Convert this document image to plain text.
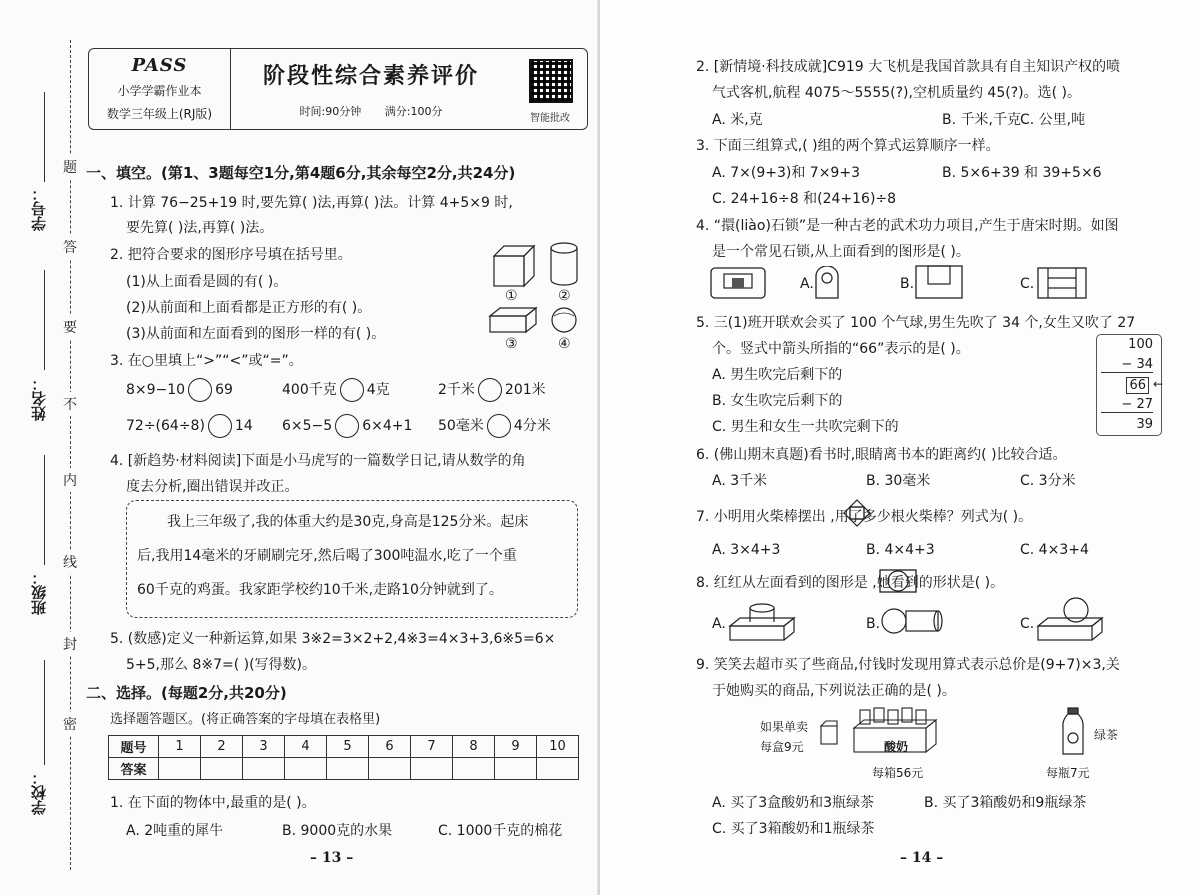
题
答
要
不
内
线
封
密
学号：
姓名：
班级：
学校：
PASS
小学学霸作业本
数学三年级上(RJ版)
阶段性综合素养评价
时间:90分钟 满分:100分
智能批改
一、填空。(第1、3题每空1分,第4题6分,其余每空2分,共24分)
1. 计算 76−25+19 时,要先算( )法,再算( )法。计算 4+5×9 时,
要先算( )法,再算( )法。
2. 把符合要求的图形序号填在括号里。
(1)从上面看是圆的有( )。
(2)从前面和上面看都是正方形的有( )。
(3)从前面和左面看到的图形一样的有( )。
①	②
③	④
3. 在○里填上“>”“<”或“=”。
8×9−10 69	400千克 4克	2千米 201米
72÷(64÷8) 14 6×5−5 6×4+1 50毫米 4分米
4. [新趋势·材料阅读]下面是小马虎写的一篇数学日记,请从数学的角
度去分析,圈出错误并改正。
我上三年级了,我的体重大约是30克,身高是125分米。起床
后,我用14毫米的牙刷刷完牙,然后喝了300吨温水,吃了一个重
60千克的鸡蛋。我家距学校约10千米,走路10分钟就到了。
5. (数感)定义一种新运算,如果 3※2=3×2+2,4※3=4×3+3,6※5=6×
5+5,那么 8※7=( )(写得数)。
二、选择。(每题2分,共20分)
选择题答题区。(将正确答案的字母填在表格里)
题号	1	2	3	4	5	6	7	8	9	10
答案										
1. 在下面的物体中,最重的是( )。
A. 2吨重的犀牛	B. 9000克的水果	C. 1000千克的棉花
– 13 –
2. [新情境·科技成就]C919 大飞机是我国首款具有自主知识产权的喷
气式客机,航程 4075～5555(?),空机质量约 45(?)。选( )。
A. 米,克	B. 千米,千克 C. 公里,吨
3. 下面三组算式,( )组的两个算式运算顺序一样。
A. 7×(9+3)和 7×9+3	B. 5×6+39 和 39+5×6
C. 24+16÷8 和(24+16)÷8
4. “擐(liào)石锁”是一种古老的武术功力项目,产生于唐宋时期。如图
是一个常见石锁,从上面看到的图形是( )。
A.	B.	C.
5. 三(1)班开联欢会买了 100 个气球,男生先吹了 34 个,女生又吹了 27
个。竖式中箭头所指的“66”表示的是( )。
A. 男生吹完后剩下的
B. 女生吹完后剩下的
C. 男生和女生一共吹完剩下的
6. (佛山期末真题)看书时,眼睛离书本的距离约( )比较合适。
A. 3千米	B. 30毫米	C. 3分米
7. 小明用火柴棒摆出 ,用了多少根火柴棒？列式为( )。
A. 3×4+3	B. 4×4+3	C. 4×3+4
8. 红红从左面看到的图形是 ,她看到的形状是( )。
A.	B.	C.
9. 笑笑去超市买了些商品,付钱时发现用算式表示总价是(9+7)×3,关
于她购买的商品,下列说法正确的是( )。
如果单卖
每盒9元	酸奶
每箱56元
绿茶
每瓶7元
A. 买了3盒酸奶和3瓶绿茶	B. 买了3箱酸奶和9瓶绿茶
C. 买了3箱酸奶和1瓶绿茶
– 14 –
100
− 34
66
− 27
39
←
